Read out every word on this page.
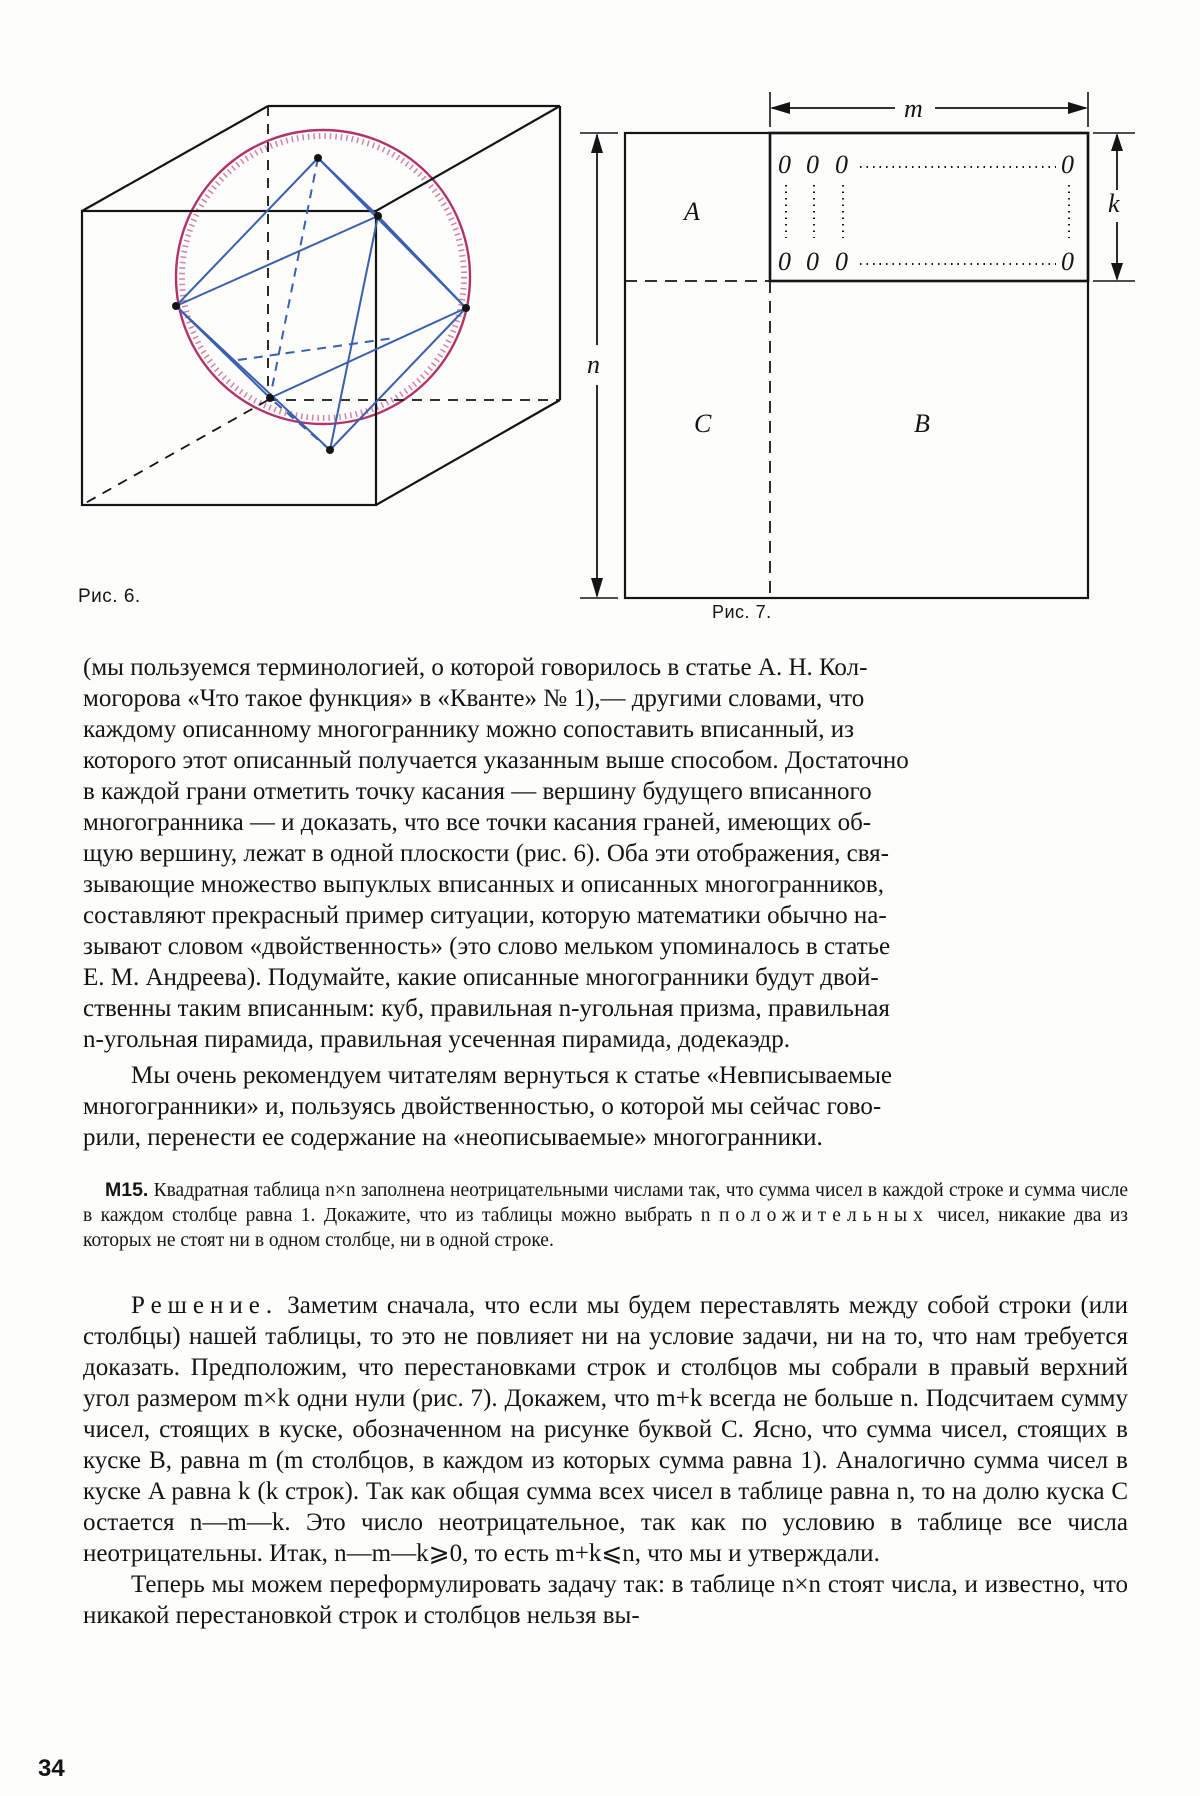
m
n
k
A
C	B
0 0 0	0
0 0 0	0
Рис. 6.
Рис. 7.
(мы пользуемся терминологией, о которой говорилось в статье А. Н. Кол-
могорова «Что такое функция» в «Кванте» № 1),— другими словами, что
каждому описанному многограннику можно сопоставить вписанный, из
которого этот описанный получается указанным выше способом. Достаточно
в каждой грани отметить точку касания — вершину будущего вписанного
многогранника — и доказать, что все точки касания граней, имеющих об-
щую вершину, лежат в одной плоскости (рис. 6). Оба эти отображения, свя-
зывающие множество выпуклых вписанных и описанных многогранников,
составляют прекрасный пример ситуации, которую математики обычно на-
зывают словом «двойственность» (это слово мельком упоминалось в статье
Е. М. Андреева). Подумайте, какие описанные многогранники будут двой-
ственны таким вписанным: куб, правильная n-угольная призма, правильная
n-угольная пирамида, правильная усеченная пирамида, додекаэдр.
Мы очень рекомендуем читателям вернуться к статье «Невписываемые
многогранники» и, пользуясь двойственностью, о которой мы сейчас гово-
рили, перенести ее содержание на «неописываемые» многогранники.
M15. Квадратная таблица n×n заполнена неотрицательными числами так, что сумма чисел в каждой строке и сумма числе в каждом столбце равна 1. Докажите, что из таблицы можно выбрать n положительных чисел, никакие два из которых не стоят ни в одном столбце, ни в одной строке.

Решение. Заметим сначала, что если мы будем переставлять между собой строки (или столбцы) нашей таблицы, то это не повлияет ни на условие задачи, ни на то, что нам требуется доказать. Предположим, что перестановками строк и столбцов мы собрали в правый верхний угол размером m×k одни нули (рис. 7). Докажем, что m+k всегда не больше n. Подсчитаем сумму чисел, стоящих в куске, обозначенном на рисунке буквой C. Ясно, что сумма чисел, стоящих в куске B, равна m (m столбцов, в каждом из которых сумма равна 1). Аналогично сумма чисел в куске A равна k (k строк). Так как общая сумма всех чисел в таблице равна n, то на долю куска C остается n—m—k. Это число неотрицательное, так как по условию в таблице все числа неотрицательны. Итак, n—m—k⩾0, то есть m+k⩽n, что мы и утверждали.

Теперь мы можем переформулировать задачу так: в таблице n×n стоят числа, и известно, что никакой перестановкой строк и столбцов нельзя вы-

34
